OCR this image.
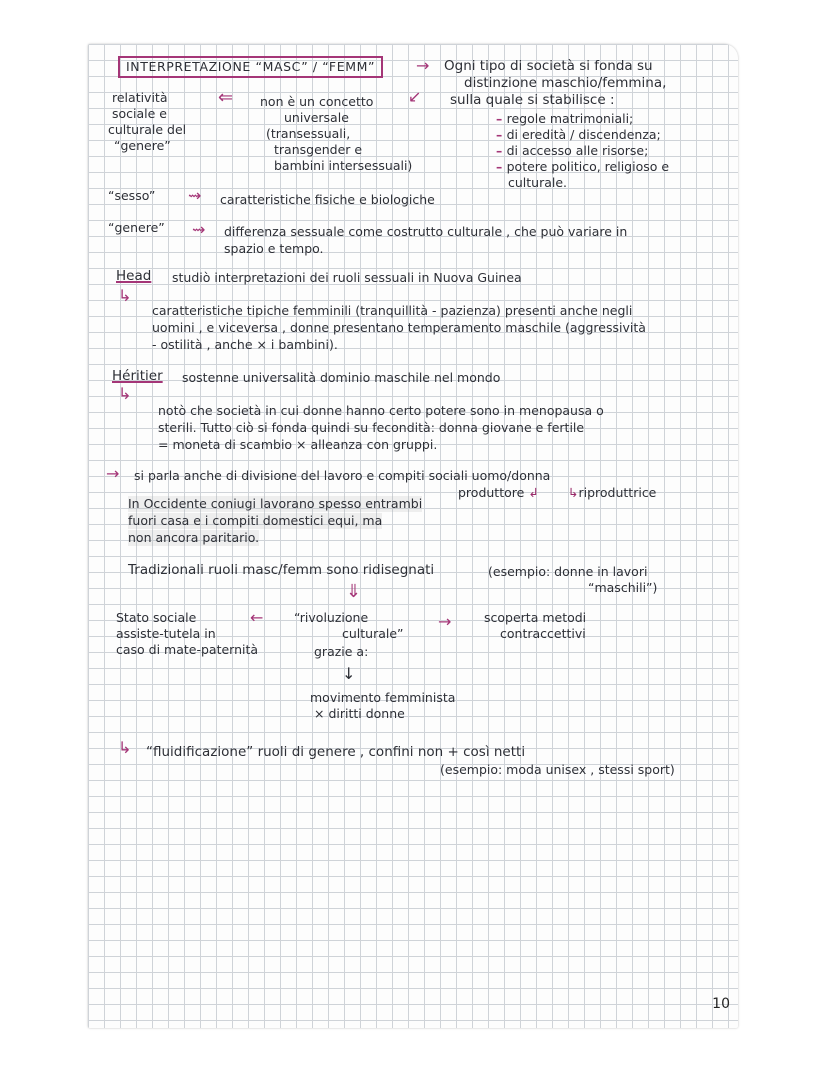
INTERPRETAZIONE “MASC” / “FEMM”	→ Ogni tipo di società si fonda su
distinzione maschio/femmina,
sulla quale si stabilisce :
– regole matrimoniali;
– di eredità / discendenza;
– di accesso alle risorse;
– potere politico, religioso e
culturale.
relatività
sociale e
culturale del
“genere”
⇐ non è un concetto ↙
universale
(transessuali,
transgender e
bambini intersessuali)
“sesso” ⇝ caratteristiche fisiche e biologiche
“genere” ⇝ differenza sessuale come costrutto culturale , che può variare in
spazio e tempo.
Head studiò interpretazioni dei ruoli sessuali in Nuova Guinea
↳
caratteristiche tipiche femminili (tranquillità - pazienza) presenti anche negli
uomini , e viceversa , donne presentano temperamento maschile (aggressività
- ostilità , anche × i bambini).
Héritier sostenne universalità dominio maschile nel mondo
↳
notò che società in cui donne hanno certo potere sono in menopausa o
sterili. Tutto ciò si fonda quindi su fecondità: donna giovane e fertile
= moneta di scambio × alleanza con gruppi.
→ si parla anche di divisione del lavoro e compiti sociali uomo/donna
produttore ↲ ↳riproduttrice
In Occidente coniugi lavorano spesso entrambi
fuori casa e i compiti domestici equi, ma
non ancora paritario.
Tradizionali ruoli masc/femm sono ridisegnati	(esempio: donne in lavori
“maschili”)
⇓
Stato sociale
assiste-tutela in
caso di mate-paternità
← “rivoluzione
culturale”
grazie a:
→	scoperta metodi
contraccettivi
↓
movimento femminista
× diritti donne
↳ “fluidificazione” ruoli di genere , confini non + così netti
(esempio: moda unisex , stessi sport)
10
